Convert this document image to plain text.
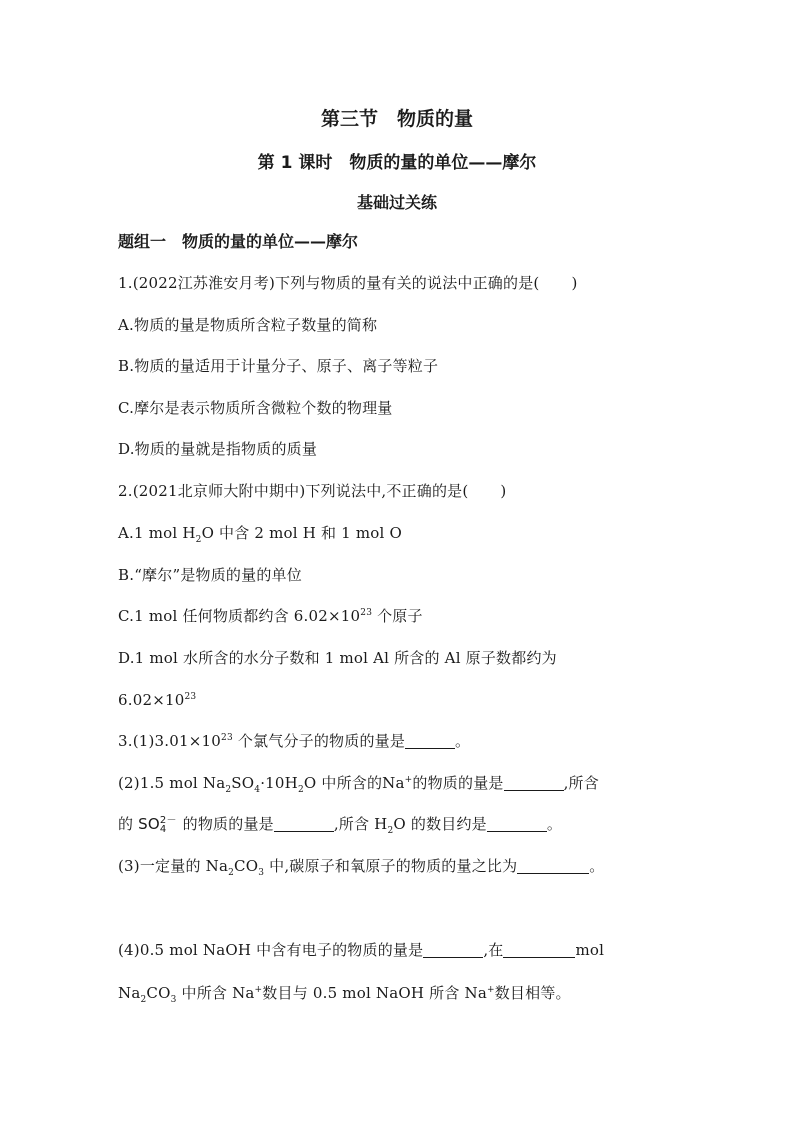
第三节　物质的量
第 1 课时　物质的量的单位——摩尔
基础过关练
题组一　物质的量的单位——摩尔
1.(2022江苏淮安月考)下列与物质的量有关的说法中正确的是( )
A.物质的量是物质所含粒子数量的简称
B.物质的量适用于计量分子、原子、离子等粒子
C.摩尔是表示物质所含微粒个数的物理量
D.物质的量就是指物质的质量
2.(2021北京师大附中期中)下列说法中,不正确的是( )
A.1 mol $H_2O$ 中含 2 mol H 和 1 mol O
B.“摩尔”是物质的量的单位
C.1 mol 任何物质都约含 $6.02\times 10^{23}$ 个原子
D.1 mol 水所含的水分子数和 1 mol Al 所含的 Al 原子数都约为
$6.02\times 10^{23}$
$3.(1)3.01\times 10^{23}$ 个氯气分子的物质的量是	。
(2)1.5 mol $Na_2SO_4\cdot 10H_2O$ 中所含的Na+的物质的量是	,所含
的 SO2－
4 的物质的量是	,所含 $H_2O$ 的数目约是	。
(3)一定量的 $Na_2CO_3$ 中,碳原子和氧原子的物质的量之比为	。
(4)0.5 mol NaOH 中含有电子的物质的量是	,在	mol
$Na_2CO_3$ 中所含 Na+数目与 0.5 mol NaOH 所含 Na+数目相等。
